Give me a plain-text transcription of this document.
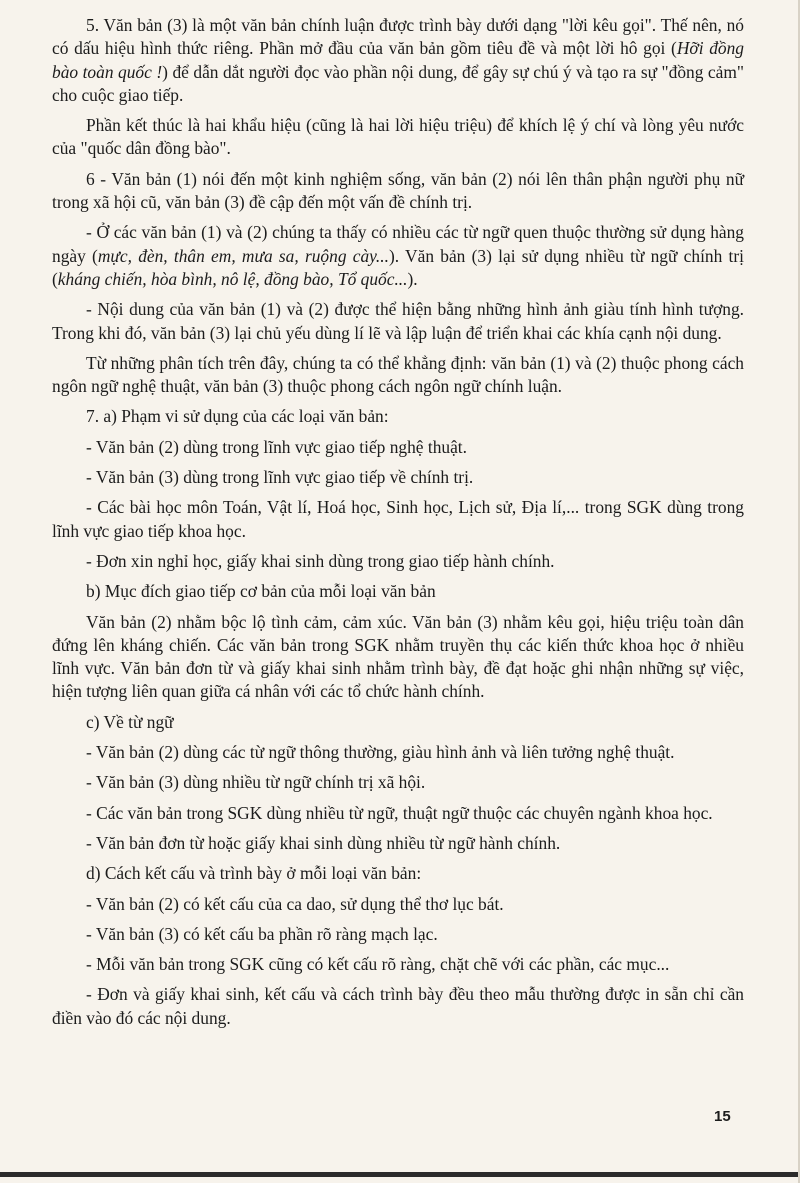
5. Văn bản (3) là một văn bản chính luận được trình bày dưới dạng "lời kêu gọi". Thế nên, nó có dấu hiệu hình thức riêng. Phần mở đầu của văn bản gồm tiêu đề và một lời hô gọi (Hỡi đồng bào toàn quốc !) để dẫn dắt người đọc vào phần nội dung, để gây sự chú ý và tạo ra sự "đồng cảm" cho cuộc giao tiếp.

Phần kết thúc là hai khẩu hiệu (cũng là hai lời hiệu triệu) để khích lệ ý chí và lòng yêu nước của "quốc dân đồng bào".

6 - Văn bản (1) nói đến một kinh nghiệm sống, văn bản (2) nói lên thân phận người phụ nữ trong xã hội cũ, văn bản (3) đề cập đến một vấn đề chính trị.

- Ở các văn bản (1) và (2) chúng ta thấy có nhiều các từ ngữ quen thuộc thường sử dụng hàng ngày (mực, đèn, thân em, mưa sa, ruộng cày...). Văn bản (3) lại sử dụng nhiều từ ngữ chính trị (kháng chiến, hòa bình, nô lệ, đồng bào, Tổ quốc...).

- Nội dung của văn bản (1) và (2) được thể hiện bằng những hình ảnh giàu tính hình tượng. Trong khi đó, văn bản (3) lại chủ yếu dùng lí lẽ và lập luận để triển khai các khía cạnh nội dung.

Từ những phân tích trên đây, chúng ta có thể khẳng định: văn bản (1) và (2) thuộc phong cách ngôn ngữ nghệ thuật, văn bản (3) thuộc phong cách ngôn ngữ chính luận.

7. a) Phạm vi sử dụng của các loại văn bản:

- Văn bản (2) dùng trong lĩnh vực giao tiếp nghệ thuật.

- Văn bản (3) dùng trong lĩnh vực giao tiếp về chính trị.

- Các bài học môn Toán, Vật lí, Hoá học, Sinh học, Lịch sử, Địa lí,... trong SGK dùng trong lĩnh vực giao tiếp khoa học.

- Đơn xin nghỉ học, giấy khai sinh dùng trong giao tiếp hành chính.

b) Mục đích giao tiếp cơ bản của mỗi loại văn bản

Văn bản (2) nhằm bộc lộ tình cảm, cảm xúc. Văn bản (3) nhằm kêu gọi, hiệu triệu toàn dân đứng lên kháng chiến. Các văn bản trong SGK nhằm truyền thụ các kiến thức khoa học ở nhiều lĩnh vực. Văn bản đơn từ và giấy khai sinh nhằm trình bày, đề đạt hoặc ghi nhận những sự việc, hiện tượng liên quan giữa cá nhân với các tổ chức hành chính.

c) Về từ ngữ

- Văn bản (2) dùng các từ ngữ thông thường, giàu hình ảnh và liên tưởng nghệ thuật.

- Văn bản (3) dùng nhiều từ ngữ chính trị xã hội.

- Các văn bản trong SGK dùng nhiều từ ngữ, thuật ngữ thuộc các chuyên ngành khoa học.

- Văn bản đơn từ hoặc giấy khai sinh dùng nhiều từ ngữ hành chính.

d) Cách kết cấu và trình bày ở mỗi loại văn bản:

- Văn bản (2) có kết cấu của ca dao, sử dụng thể thơ lục bát.

- Văn bản (3) có kết cấu ba phần rõ ràng mạch lạc.

- Mỗi văn bản trong SGK cũng có kết cấu rõ ràng, chặt chẽ với các phần, các mục...

- Đơn và giấy khai sinh, kết cấu và cách trình bày đều theo mẫu thường được in sẵn chỉ cần điền vào đó các nội dung.

15
